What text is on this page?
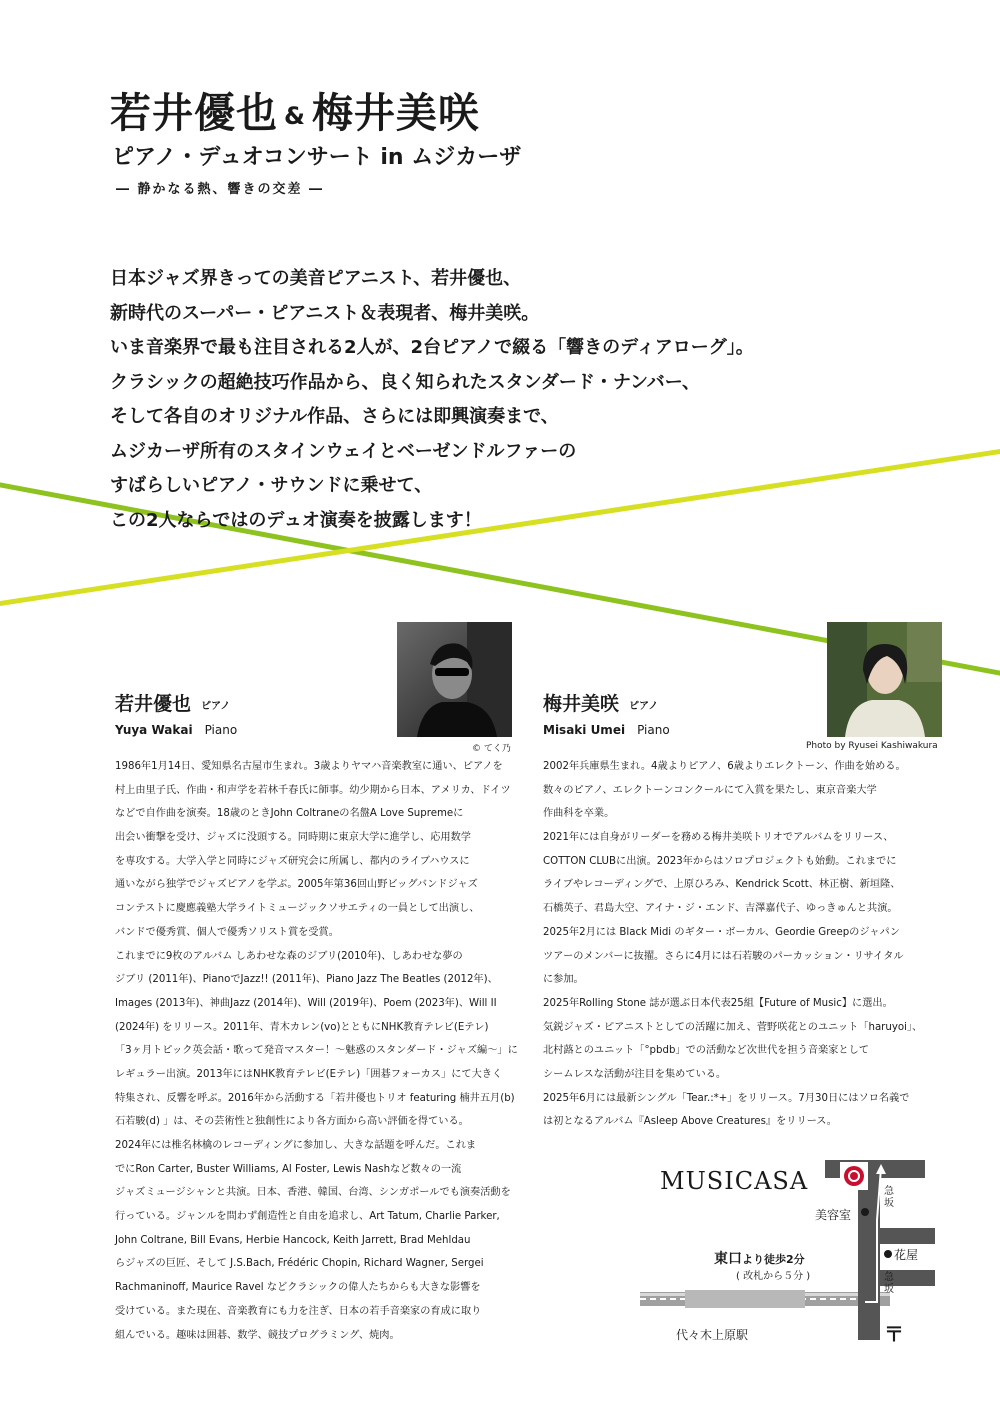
若井優也 & 梅井美咲
ピアノ・デュオコンサート in ムジカーザ
― 静かなる熱、響きの交差 ―
日本ジャズ界きっての美音ピアニスト、若井優也、
新時代のスーパー・ピアニスト＆表現者、梅井美咲。
いま音楽界で最も注目される2人が、2台ピアノで綴る「響きのディアローグ」。
クラシックの超絶技巧作品から、良く知られたスタンダード・ナンバー、
そして各自のオリジナル作品、さらには即興演奏まで、
ムジカーザ所有のスタインウェイとベーゼンドルファーの
すばらしいピアノ・サウンドに乗せて、
この2人ならではのデュオ演奏を披露します！
© てく乃	Photo by Ryusei Kashiwakura
若井優也 ピアノ
Yuya Wakai Piano
梅井美咲 ピアノ
Misaki Umei Piano
1986年1月14日、愛知県名古屋市生まれ。3歳よりヤマハ音楽教室に通い、ピアノを
村上由里子氏、作曲・和声学を若林千春氏に師事。幼少期から日本、アメリカ、ドイツ
などで自作曲を演奏。18歳のときJohn Coltraneの名盤A Love Supremeに
出会い衝撃を受け、ジャズに没頭する。同時期に東京大学に進学し、応用数学
を専攻する。大学入学と同時にジャズ研究会に所属し、都内のライブハウスに
通いながら独学でジャズピアノを学ぶ。2005年第36回山野ビッグバンドジャズ
コンテストに慶應義塾大学ライトミュージックソサエティの一員として出演し、
バンドで優秀賞、個人で優秀ソリスト賞を受賞。
これまでに9枚のアルバム しあわせな森のジブリ(2010年)、しあわせな夢の
ジブリ (2011年)、PianoでJazz!! (2011年)、Piano Jazz The Beatles (2012年)、
Images (2013年)、神曲Jazz (2014年)、Will (2019年)、Poem (2023年)、Will II
(2024年) をリリース。2011年、青木カレン(vo)とともにNHK教育テレビ(Eテレ)
「3ヶ月トピック英会話・歌って発音マスター！～魅惑のスタンダード・ジャズ編～」に
レギュラー出演。2013年にはNHK教育テレビ(Eテレ)「囲碁フォーカス」にて大きく
特集され、反響を呼ぶ。2016年から活動する「若井優也トリオ featuring 楠井五月(b)
石若駿(d) 」は、その芸術性と独創性により各方面から高い評価を得ている。
2024年には椎名林檎のレコーディングに参加し、大きな話題を呼んだ。これま
でにRon Carter, Buster Williams, Al Foster, Lewis Nashなど数々の一流
ジャズミュージシャンと共演。日本、香港、韓国、台湾、シンガポールでも演奏活動を
行っている。ジャンルを問わず創造性と自由を追求し、Art Tatum, Charlie Parker,
John Coltrane, Bill Evans, Herbie Hancock, Keith Jarrett, Brad Mehldau
らジャズの巨匠、そして J.S.Bach, Frédéric Chopin, Richard Wagner, Sergei
Rachmaninoff, Maurice Ravel などクラシックの偉人たちからも大きな影響を
受けている。また現在、音楽教育にも力を注ぎ、日本の若手音楽家の育成に取り
組んでいる。趣味は囲碁、数学、競技プログラミング、焼肉。
2002年兵庫県生まれ。4歳よりピアノ、6歳よりエレクトーン、作曲を始める。
数々のピアノ、エレクトーンコンクールにて入賞を果たし、東京音楽大学
作曲科を卒業。
2021年には自身がリーダーを務める梅井美咲トリオでアルバムをリリース、
COTTON CLUBに出演。2023年からはソロプロジェクトも始動。これまでに
ライブやレコーディングで、上原ひろみ、Kendrick Scott、林正樹、新垣隆、
石橋英子、君島大空、アイナ・ジ・エンド、吉澤嘉代子、ゆっきゅんと共演。
2025年2月には Black Midi のギター・ボーカル、Geordie Greepのジャパン
ツアーのメンバーに抜擢。さらに4月には石若駿のパーカッション・リサイタル
に参加。
2025年Rolling Stone 誌が選ぶ日本代表25組【Future of Music】に選出。
気鋭ジャズ・ピアニストとしての活躍に加え、菅野咲花とのユニット「haruyoi」、
北村蕗とのユニット「°pbdb」での活動など次世代を担う音楽家として
シームレスな活動が注目を集めている。
2025年6月には最新シングル「Tear.:*+」をリリース。7月30日にはソロ名義で
は初となるアルバム『Asleep Above Creatures』をリリース。
MUSICASA
美容室
花屋
急坂
急坂
東口より徒歩2分
( 改札から５分 )
代々木上原駅	〒
